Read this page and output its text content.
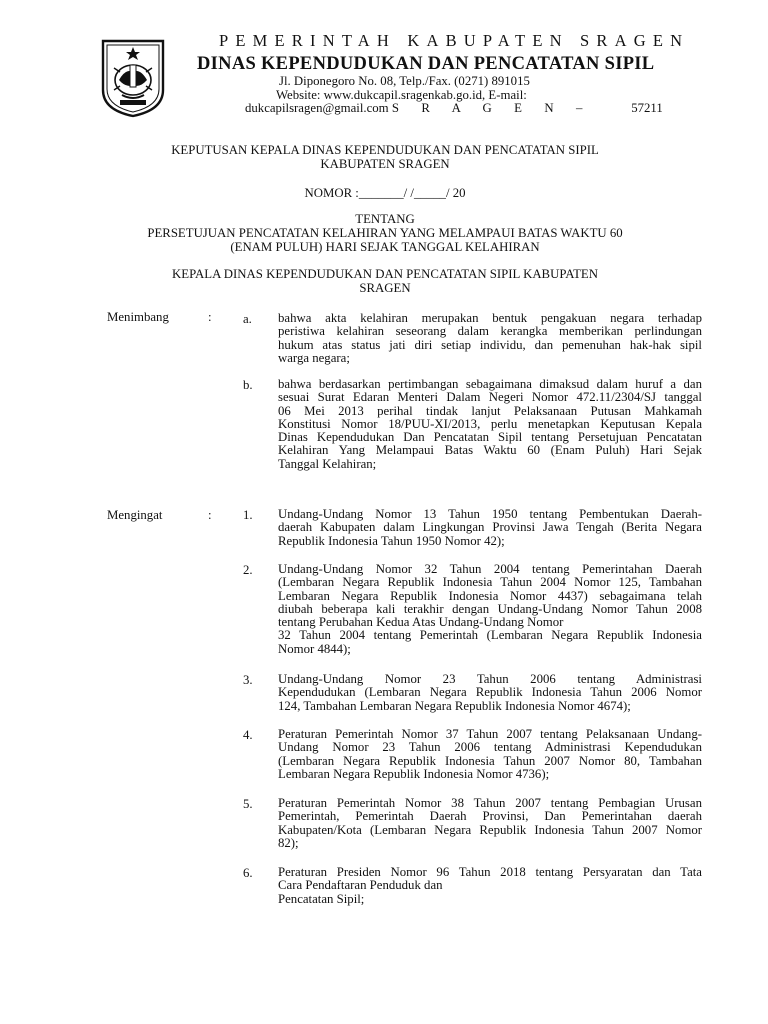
PEMERINTAH KABUPATEN SRAGEN
DINAS KEPENDUDUKAN DAN PENCATATAN SIPIL
Jl. Diponegoro No. 08, Telp./Fax. (0271) 891015
Website: www.dukcapil.sragenkab.go.id, E-mail:
dukcapilsragen@gmail.com S R A G E N –	57211
KEPUTUSAN KEPALA DINAS KEPENDUDUKAN DAN PENCATATAN SIPIL
KABUPATEN SRAGEN
NOMOR :_______/ /_____/ 20
TENTANG
PERSETUJUAN PENCATATAN KELAHIRAN YANG MELAMPAUI BATAS WAKTU 60
(ENAM PULUH) HARI SEJAK TANGGAL KELAHIRAN
KEPALA DINAS KEPENDUDUKAN DAN PENCATATAN SIPIL KABUPATEN
SRAGEN
Menimbang	: a. bahwa akta kelahiran merupakan bentuk pengakuan negara terhadap
peristiwa kelahiran seseorang dalam kerangka memberikan perlindungan
hukum atas status jati diri setiap individu, dan pemenuhan hak-hak sipil
warga negara;
b. bahwa berdasarkan pertimbangan sebagaimana dimaksud dalam huruf a dan
sesuai Surat Edaran Menteri Dalam Negeri Nomor 472.11/2304/SJ tanggal
06 Mei 2013 perihal tindak lanjut Pelaksanaan Putusan Mahkamah
Konstitusi Nomor 18/PUU-XI/2013, perlu menetapkan Keputusan Kepala
Dinas Kependudukan Dan Pencatatan Sipil tentang Persetujuan Pencatatan
Kelahiran Yang Melampaui Batas Waktu 60 (Enam Puluh) Hari Sejak
Tanggal Kelahiran;
Mengingat	: 1. Undang-Undang Nomor 13 Tahun 1950 tentang Pembentukan Daerah-
daerah Kabupaten dalam Lingkungan Provinsi Jawa Tengah (Berita Negara
Republik Indonesia Tahun 1950 Nomor 42);
2. Undang-Undang Nomor 32 Tahun 2004 tentang Pemerintahan Daerah
(Lembaran Negara Republik Indonesia Tahun 2004 Nomor 125, Tambahan
Lembaran Negara Republik Indonesia Nomor 4437) sebagaimana telah
diubah beberapa kali terakhir dengan Undang-Undang Nomor Tahun 2008
tentang Perubahan Kedua Atas Undang-Undang Nomor
32 Tahun 2004 tentang Pemerintah (Lembaran Negara Republik Indonesia
Nomor 4844);
3. Undang-Undang Nomor 23 Tahun 2006 tentang Administrasi
Kependudukan (Lembaran Negara Republik Indonesia Tahun 2006 Nomor
124, Tambahan Lembaran Negara Republik Indonesia Nomor 4674);
4. Peraturan Pemerintah Nomor 37 Tahun 2007 tentang Pelaksanaan Undang-
Undang Nomor 23 Tahun 2006 tentang Administrasi Kependudukan
(Lembaran Negara Republik Indonesia Tahun 2007 Nomor 80, Tambahan
Lembaran Negara Republik Indonesia Nomor 4736);
5. Peraturan Pemerintah Nomor 38 Tahun 2007 tentang Pembagian Urusan
Pemerintah, Pemerintah Daerah Provinsi, Dan Pemerintahan daerah
Kabupaten/Kota (Lembaran Negara Republik Indonesia Tahun 2007 Nomor
82);
6. Peraturan Presiden Nomor 96 Tahun 2018 tentang Persyaratan dan Tata
Cara Pendaftaran Penduduk dan
Pencatatan Sipil;
